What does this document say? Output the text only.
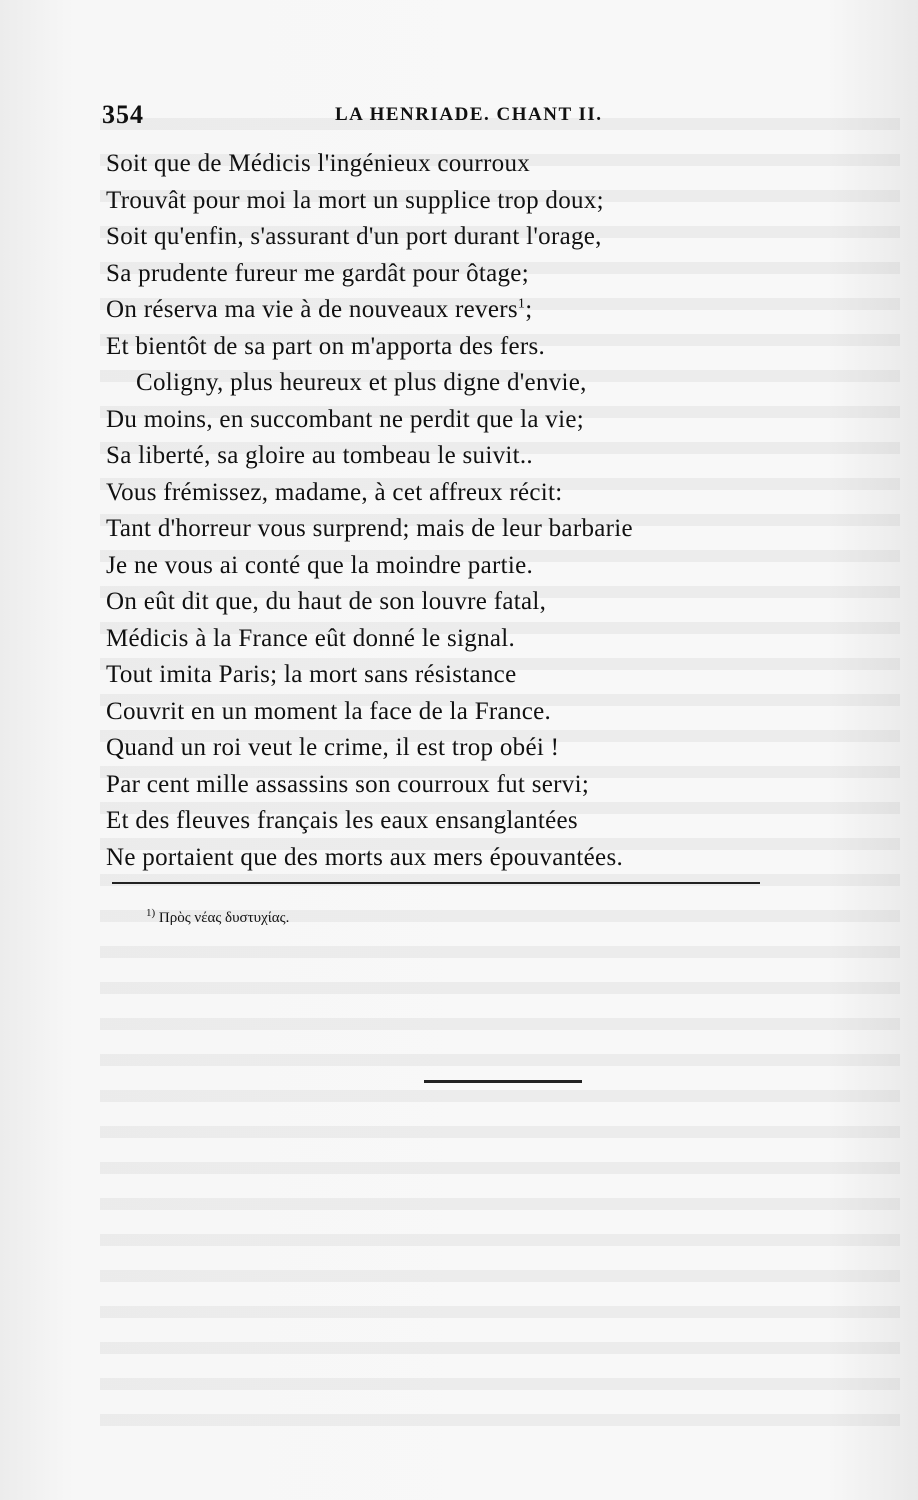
354	LA HENRIADE. CHANT II.
Soit que de Médicis l'ingénieux courroux
Trouvât pour moi la mort un supplice trop doux;
Soit qu'enfin, s'assurant d'un port durant l'orage,
Sa prudente fureur me gardât pour ôtage;
On réserva ma vie à de nouveaux revers$^1$;
Et bientôt de sa part on m'apporta des fers.
Coligny, plus heureux et plus digne d'envie,
Du moins, en succombant ne perdit que la vie;
Sa liberté, sa gloire au tombeau le suivit..
Vous frémissez, madame, à cet affreux récit:
Tant d'horreur vous surprend; mais de leur barbarie
Je ne vous ai conté que la moindre partie.
On eût dit que, du haut de son louvre fatal,
Médicis à la France eût donné le signal.
Tout imita Paris; la mort sans résistance
Couvrit en un moment la face de la France.
Quand un roi veut le crime, il est trop obéi !
Par cent mille assassins son courroux fut servi;
Et des fleuves français les eaux ensanglantées
Ne portaient que des morts aux mers épouvantées.
$^{1)}$ Πρὸς νέας δυστυχίας.
